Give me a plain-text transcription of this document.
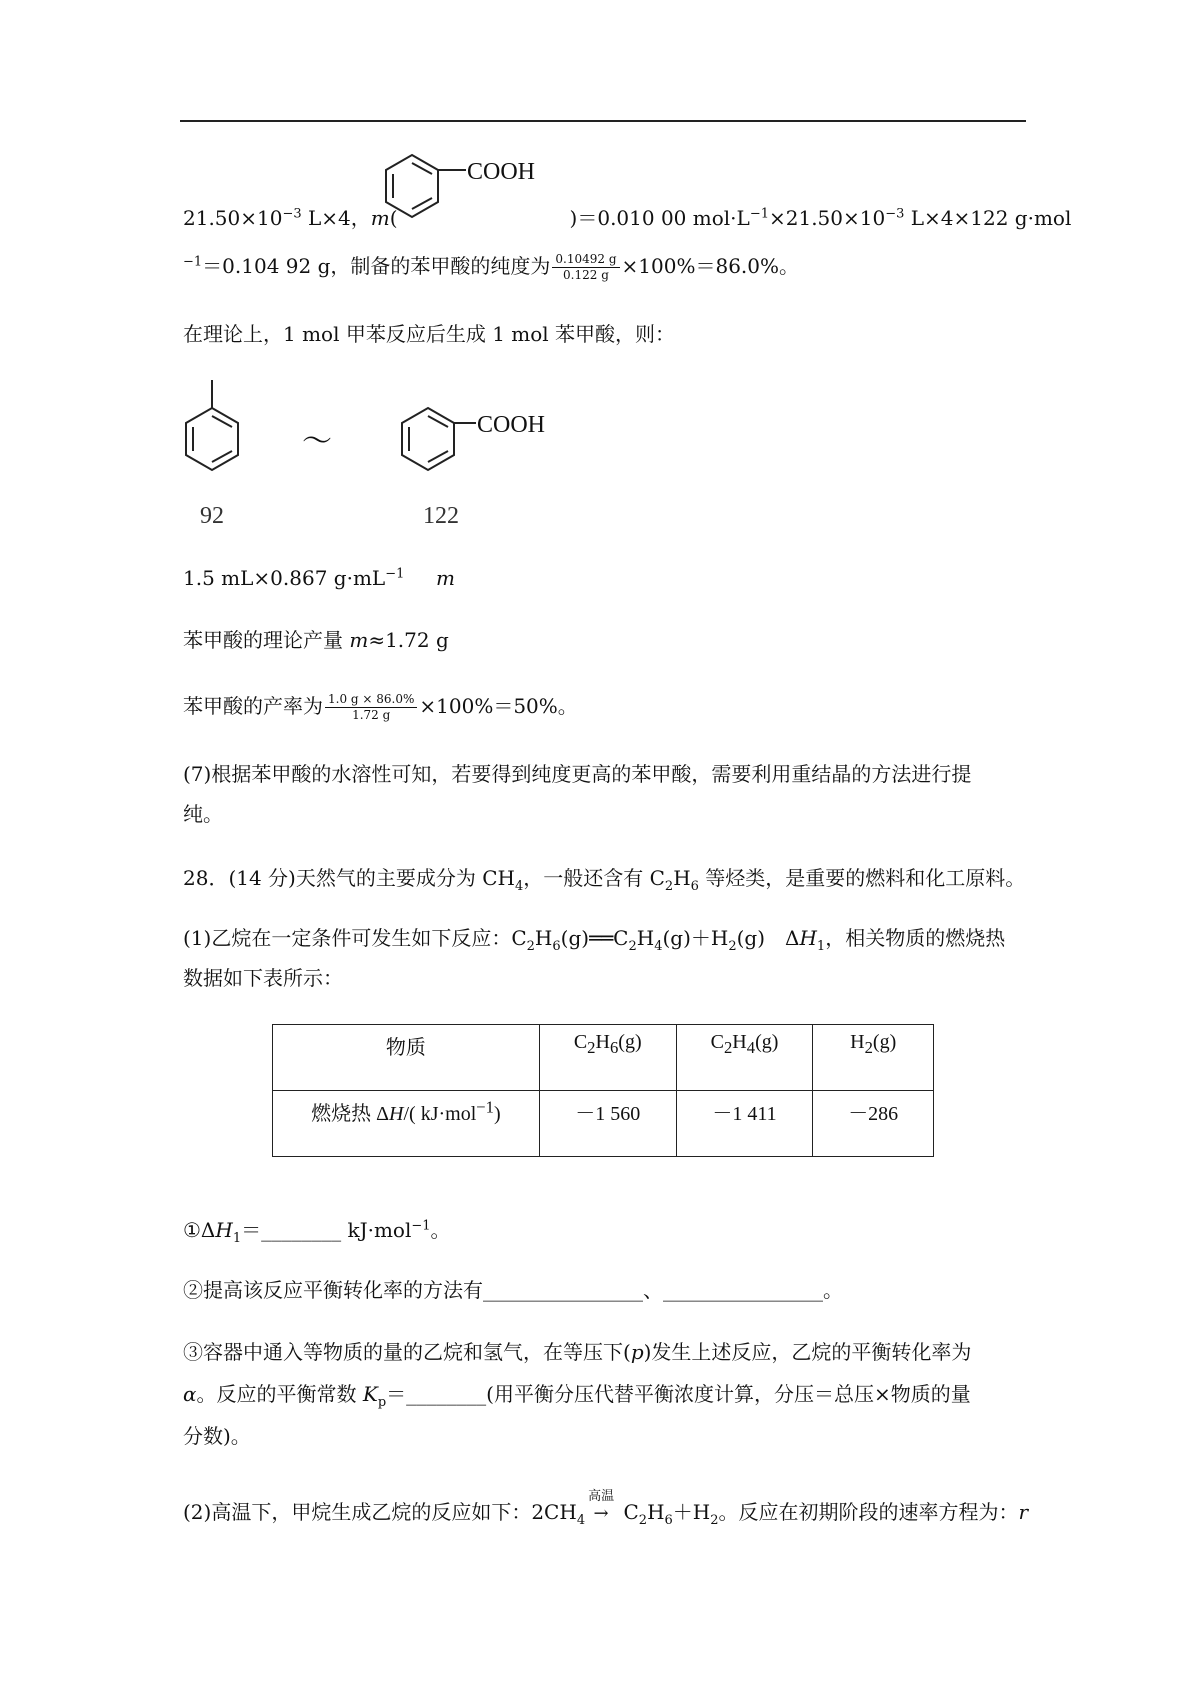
COOH
$21.50\times 10^{-3}$ L×4，m(	)＝0.010 00 $mol\cdot L^{-1}\times 21.50\times 10^{-3}$ L×4×122 g·mol
$^{-1}$＝0.104 92 g，制备的苯甲酸的纯度为 $\frac{0.10492 g}{0.122 g} \times 100\%=86.0\%$。
在理论上，1 mol 甲苯反应后生成 1 mol 苯甲酸，则：
92
～	COOH
122
1.5 mL×0.867 $g\cdot mL^{-1}$ m
苯甲酸的理论产量 m≈1.72 g
苯甲酸的产率为 $\frac{1.0 g \times 86.0\%}{1.72 g} \times 100\%=50\%$。
(7)根据苯甲酸的水溶性可知，若要得到纯度更高的苯甲酸，需要利用重结晶的方法进行提
纯。
28．(14 分)天然气的主要成分为 $CH_4$，一般还含有 $C_2H_6$ 等烃类，是重要的燃料和化工原料。
(1)乙烷在一定条件可发生如下反应：$C_2H_6(g)══C_2H_4(g)+H_2(g)$　$\Delta H_1$，相关物质的燃烧热
数据如下表所示：
物质	$C_2H_6(g)$	$C_2H_4(g)$	$H_2(g)$
燃烧热 ΔH/( kJ·mol$^{-1}$)	－1 560	－1 411	－286
$①\Delta H_1=\_\_\_\_\_\_\_\_$ kJ·mol$^{-1}$。
②提高该反应平衡转化率的方法有________________、________________。
③容器中通入等物质的量的乙烷和氢气，在等压下(p)发生上述反应，乙烷的平衡转化率为
α。反应的平衡常数 $K_p=\_\_\_\_\_\_\_\_$(用平衡分压代替平衡浓度计算，分压＝总压×物质的量
分数)。
(2)高温下，甲烷生成乙烷的反应如下：$2CH_4$
高温
→ $C_2H_6+H_2$。反应在初期阶段的速率方程为：r
